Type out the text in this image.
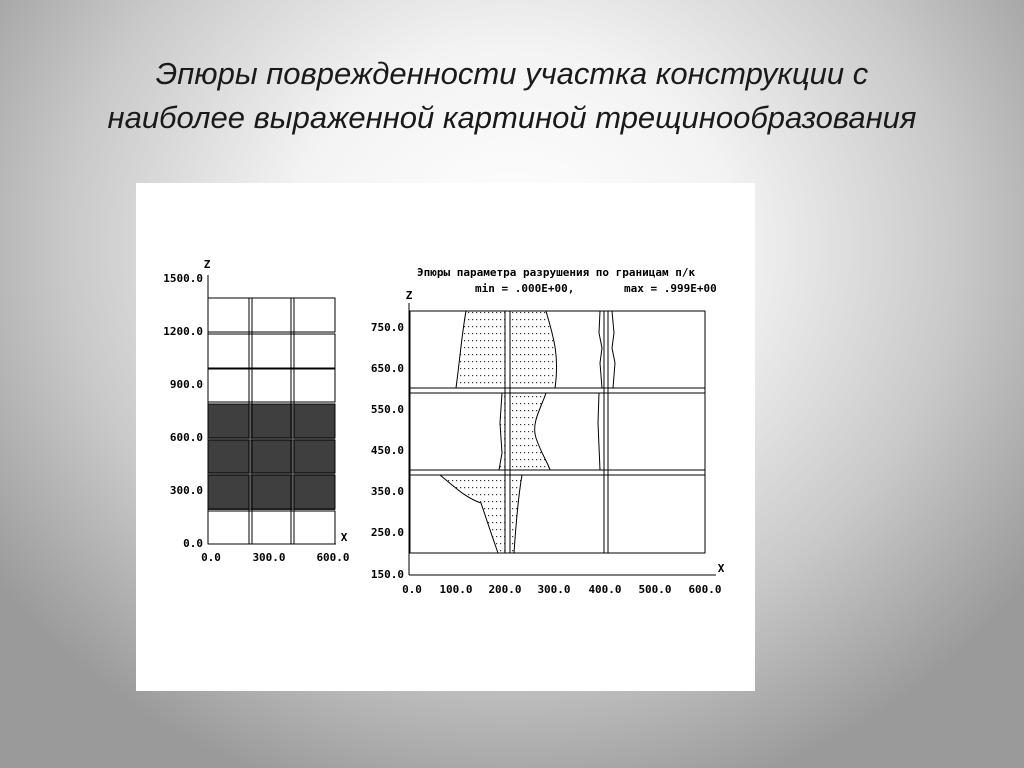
Эпюры поврежденности участка конструкции с
наиболее выраженной картиной трещинообразования
Z
X
1500.0
1200.0
900.0
600.0
300.0
0.0
0.0	300.0	600.0
Эпюры параметра разрушения по границам п/к
min = .000E+00,	max = .999E+00
Z
X
750.0
650.0
550.0
450.0
350.0
250.0
150.0
0.0 100.0 200.0 300.0 400.0 500.0 600.0
